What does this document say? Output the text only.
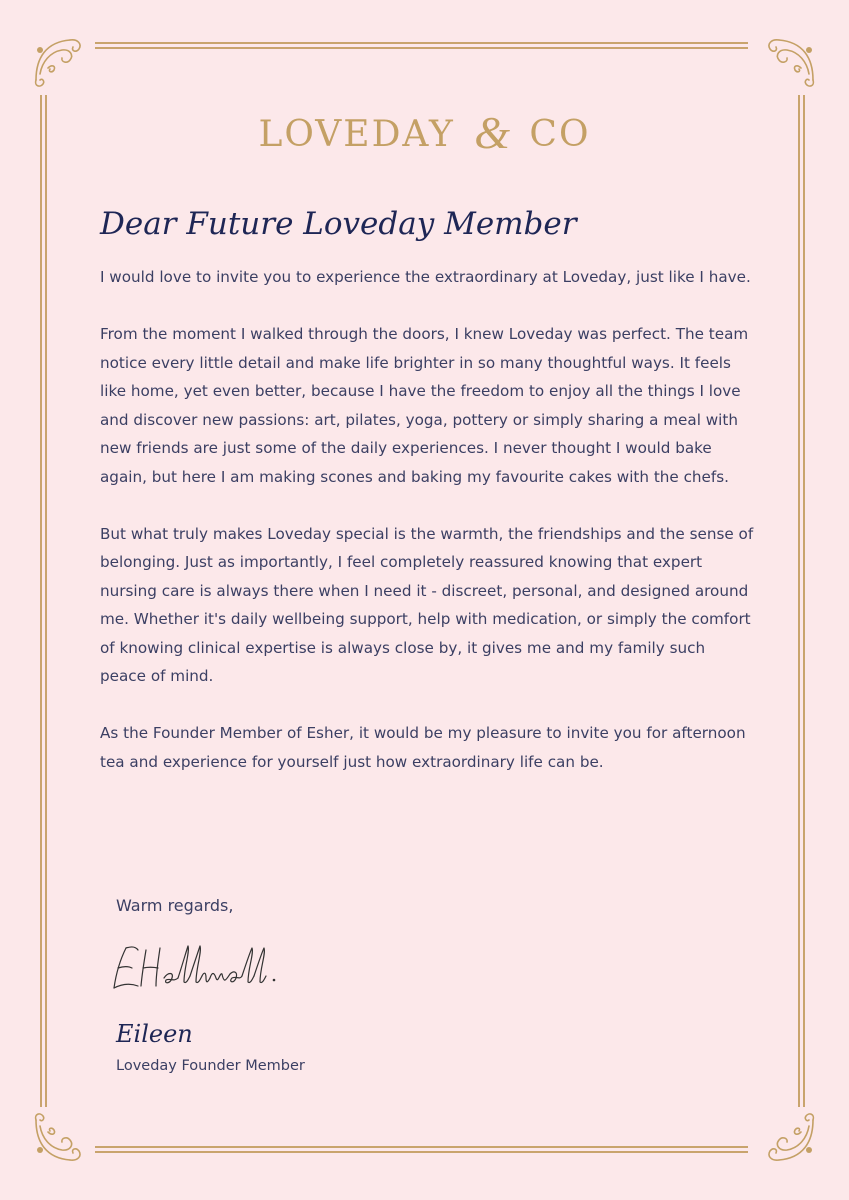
LOVEDAY & CO
Dear Future Loveday Member

I would love to invite you to experience the extraordinary at Loveday, just like I have.

From the moment I walked through the doors, I knew Loveday was perfect. The team notice every little detail and make life brighter in so many thoughtful ways. It feels like home, yet even better, because I have the freedom to enjoy all the things I love and discover new passions: art, pilates, yoga, pottery or simply sharing a meal with new friends are just some of the daily experiences. I never thought I would bake again, but here I am making scones and baking my favourite cakes with the chefs.

But what truly makes Loveday special is the warmth, the friendships and the sense of belonging. Just as importantly, I feel completely reassured knowing that expert nursing care is always there when I need it - discreet, personal, and designed around me. Whether it's daily wellbeing support, help with medication, or simply the comfort of knowing clinical expertise is always close by, it gives me and my family such peace of mind.

As the Founder Member of Esher, it would be my pleasure to invite you for afternoon tea and experience for yourself just how extraordinary life can be.

Warm regards,

Eileen

Loveday Founder Member
